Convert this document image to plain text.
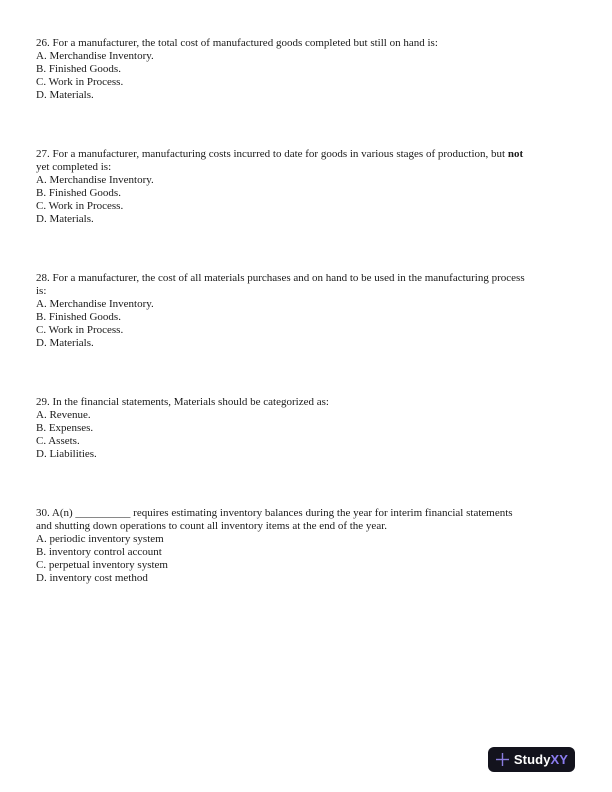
26. For a manufacturer, the total cost of manufactured goods completed but still on hand is:
A. Merchandise Inventory.
B. Finished Goods.
C. Work in Process.
D. Materials.
27. For a manufacturer, manufacturing costs incurred to date for goods in various stages of production, but not
yet completed is:
A. Merchandise Inventory.
B. Finished Goods.
C. Work in Process.
D. Materials.
28. For a manufacturer, the cost of all materials purchases and on hand to be used in the manufacturing process
is:
A. Merchandise Inventory.
B. Finished Goods.
C. Work in Process.
D. Materials.
29. In the financial statements, Materials should be categorized as:
A. Revenue.
B. Expenses.
C. Assets.
D. Liabilities.
30. A(n) __________ requires estimating inventory balances during the year for interim financial statements
and shutting down operations to count all inventory items at the end of the year.
A. periodic inventory system
B. inventory control account
C. perpetual inventory system
D. inventory cost method
StudyXY
